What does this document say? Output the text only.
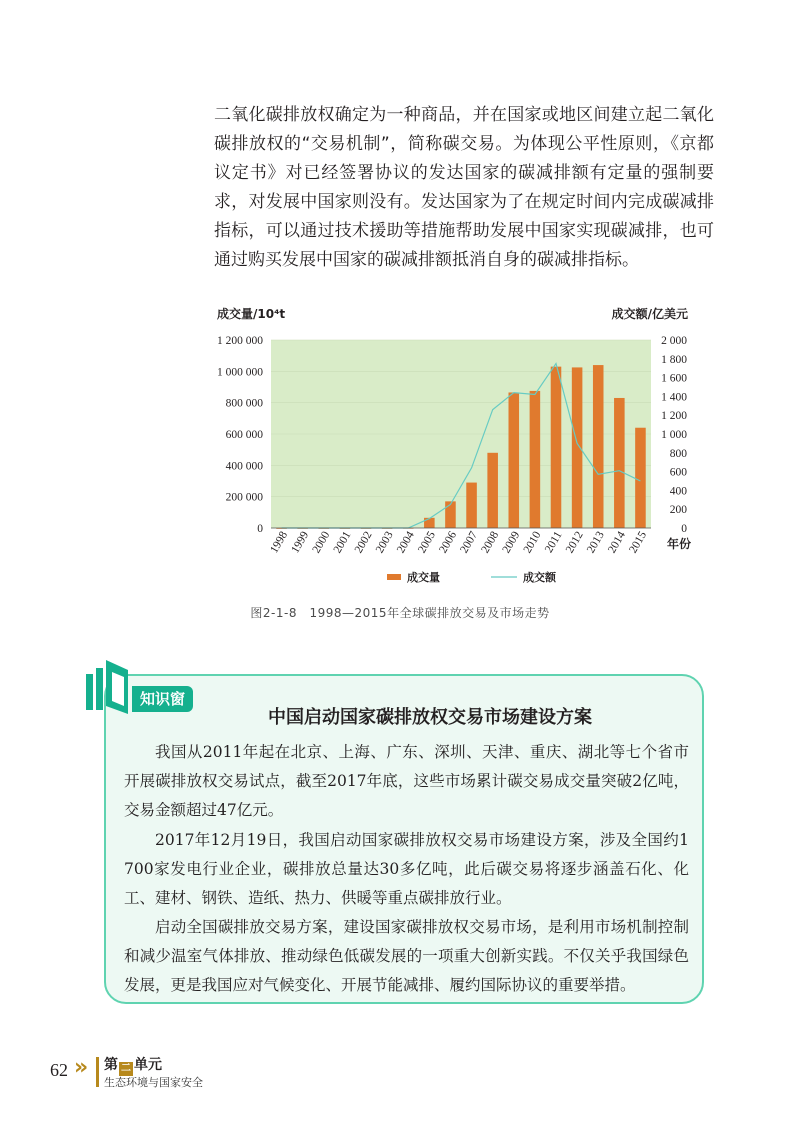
二氧化碳排放权确定为一种商品，并在国家或地区间建立起二氧化碳排放权的“交易机制”，简称碳交易。为体现公平性原则，《京都议定书》对已经签署协议的发达国家的碳减排额有定量的强制要求，对发展中国家则没有。发达国家为了在规定时间内完成碳减排指标，可以通过技术援助等措施帮助发展中国家实现碳减排，也可通过购买发展中国家的碳减排额抵消自身的碳减排指标。

成交量/10⁴t	成交额/亿美元
0
200 000
400 000
600 000
800 000
1 000 000
1 200 000
0
200
400
600
800
1 000
1 200
1 400
1 600
1 800
2 000
1998 1999 2000 2001 2002 2003 2004 2005 2006 2007 2008 2009 2010 2011 2012 2013 2014 2015 年份
成交量	成交额
图2-1-8　1998—2015年全球碳排放交易及市场走势
知识窗
中国启动国家碳排放权交易市场建设方案

我国从2011年起在北京、上海、广东、深圳、天津、重庆、湖北等七个省市开展碳排放权交易试点，截至2017年底，这些市场累计碳交易成交量突破2亿吨，交易金额超过47亿元。

2017年12月19日，我国启动国家碳排放权交易市场建设方案，涉及全国约1 700家发电行业企业，碳排放总量达30多亿吨，此后碳交易将逐步涵盖石化、化工、建材、钢铁、造纸、热力、供暖等重点碳排放行业。

启动全国碳排放交易方案，建设国家碳排放权交易市场，是利用市场机制控制和减少温室气体排放、推动绿色低碳发展的一项重大创新实践。不仅关乎我国绿色发展，更是我国应对气候变化、开展节能减排、履约国际协议的重要举措。

62 » 第 二 单元
生态环境与国家安全
